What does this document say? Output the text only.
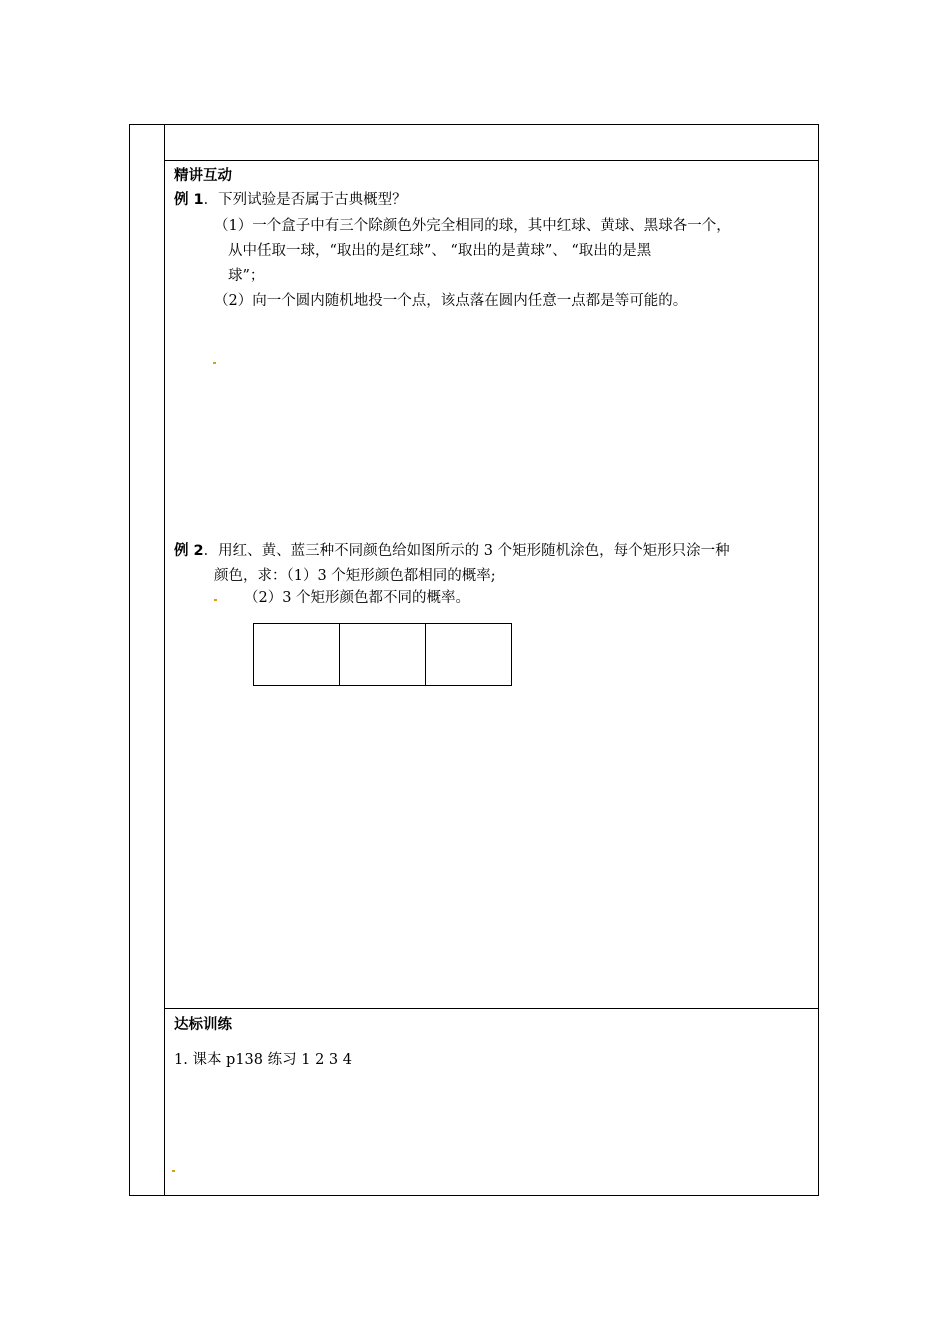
精讲互动
例 1．下列试验是否属于古典概型？
（1）一个盒子中有三个除颜色外完全相同的球，其中红球、黄球、黑球各一个，
从中任取一球，“取出的是红球”、 “取出的是黄球”、 “取出的是黑
球”；
（2）向一个圆内随机地投一个点，该点落在圆内任意一点都是等可能的。
例 2．用红、黄、蓝三种不同颜色给如图所示的 3 个矩形随机涂色，每个矩形只涂一种
颜色，求：（1）3 个矩形颜色都相同的概率;
（2）3 个矩形颜色都不同的概率。
达标训练
1. 课本 p138 练习 1 2 3 4
